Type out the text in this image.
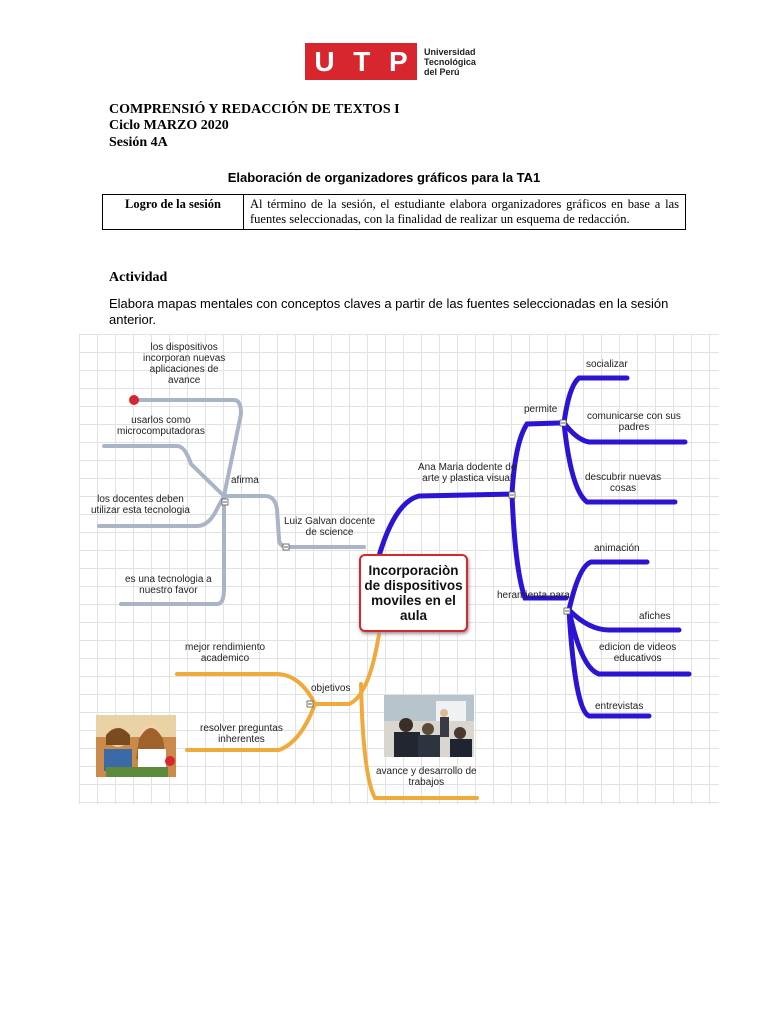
U T P Universidad
Tecnológica
del Perú
COMPRENSIÓ Y REDACCIÓN DE TEXTOS I
Ciclo MARZO 2020
Sesión 4A
Elaboración de organizadores gráficos para la TA1
Logro de la sesión	Al término de la sesión, el estudiante elabora organizadores gráficos en base a las fuentes seleccionadas, con la finalidad de realizar un esquema de redacción.
Actividad
Elabora mapas mentales con conceptos claves a partir de las fuentes seleccionadas en la sesión anterior.
Incorporaciòn
de dispositivos
moviles en el
aula
los dispositivos
incorporan nuevas
aplicaciones de
avance
usarlos como
microcomputadoras
los docentes deben
utilizar esta tecnologia
es una tecnologia a
nuestro favor
afirma
Luiz Galvan docente
de science
Ana Maria dodente de
arte y plastica visual
permite
socializar
comunicarse con sus
padres
descubrir nuevas
cosas
heramienta para
animación
afiches
edicion de videos
educativos
entrevistas
objetivos
mejor rendimiento
academico
resolver preguntas
inherentes
avance y desarrollo de
trabajos
